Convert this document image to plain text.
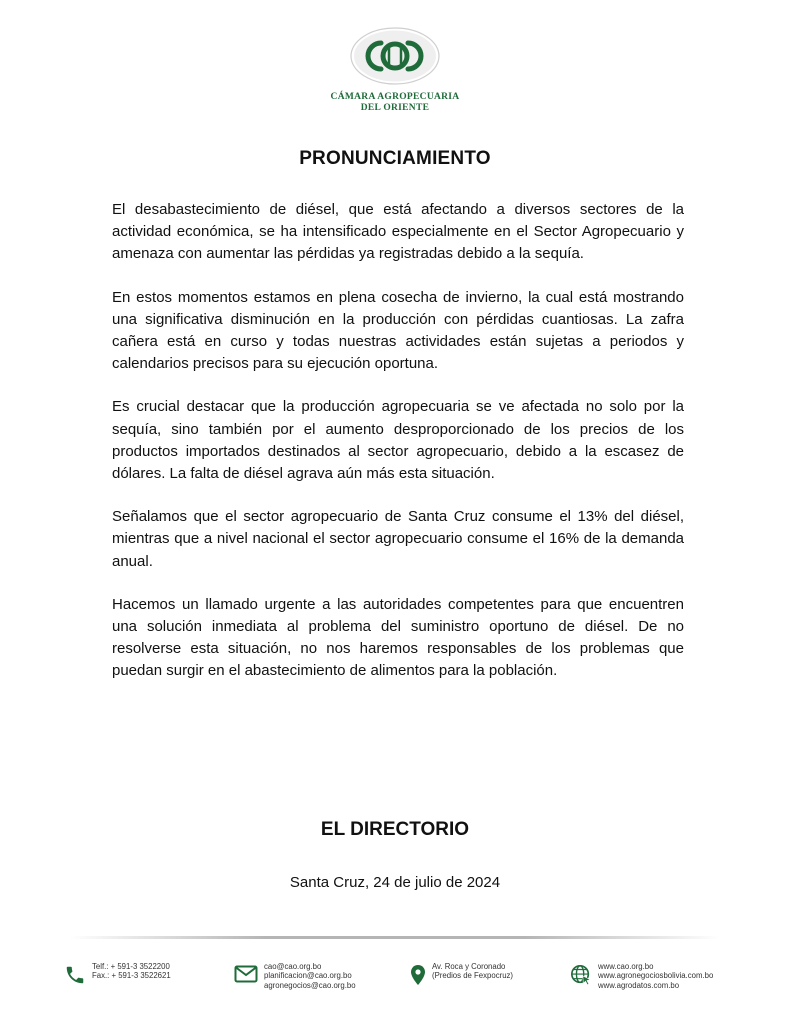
CÁMARA AGROPECUARIA
DEL ORIENTE
PRONUNCIAMIENTO

El desabastecimiento de diésel, que está afectando a diversos sectores de la actividad económica, se ha intensificado especialmente en el Sector Agropecuario y amenaza con aumentar las pérdidas ya registradas debido a la sequía.

En estos momentos estamos en plena cosecha de invierno, la cual está mostrando una significativa disminución en la producción con pérdidas cuantiosas. La zafra cañera está en curso y todas nuestras actividades están sujetas a periodos y calendarios precisos para su ejecución oportuna.

Es crucial destacar que la producción agropecuaria se ve afectada no solo por la sequía, sino también por el aumento desproporcionado de los precios de los productos importados destinados al sector agropecuario, debido a la escasez de dólares. La falta de diésel agrava aún más esta situación.

Señalamos que el sector agropecuario de Santa Cruz consume el 13% del diésel, mientras que a nivel nacional el sector agropecuario consume el 16% de la demanda anual.

Hacemos un llamado urgente a las autoridades competentes para que encuentren una solución inmediata al problema del suministro oportuno de diésel. De no resolverse esta situación, no nos haremos responsables de los problemas que puedan surgir en el abastecimiento de alimentos para la población.

EL DIRECTORIO
Santa Cruz, 24 de julio de 2024
Telf.: + 591-3 3522200
Fax.: + 591-3 3522621
cao@cao.org.bo
planificacion@cao.org.bo
agronegocios@cao.org.bo
Av. Roca y Coronado
(Predios de Fexpocruz)
www.cao.org.bo
www.agronegociosbolivia.com.bo
www.agrodatos.com.bo
